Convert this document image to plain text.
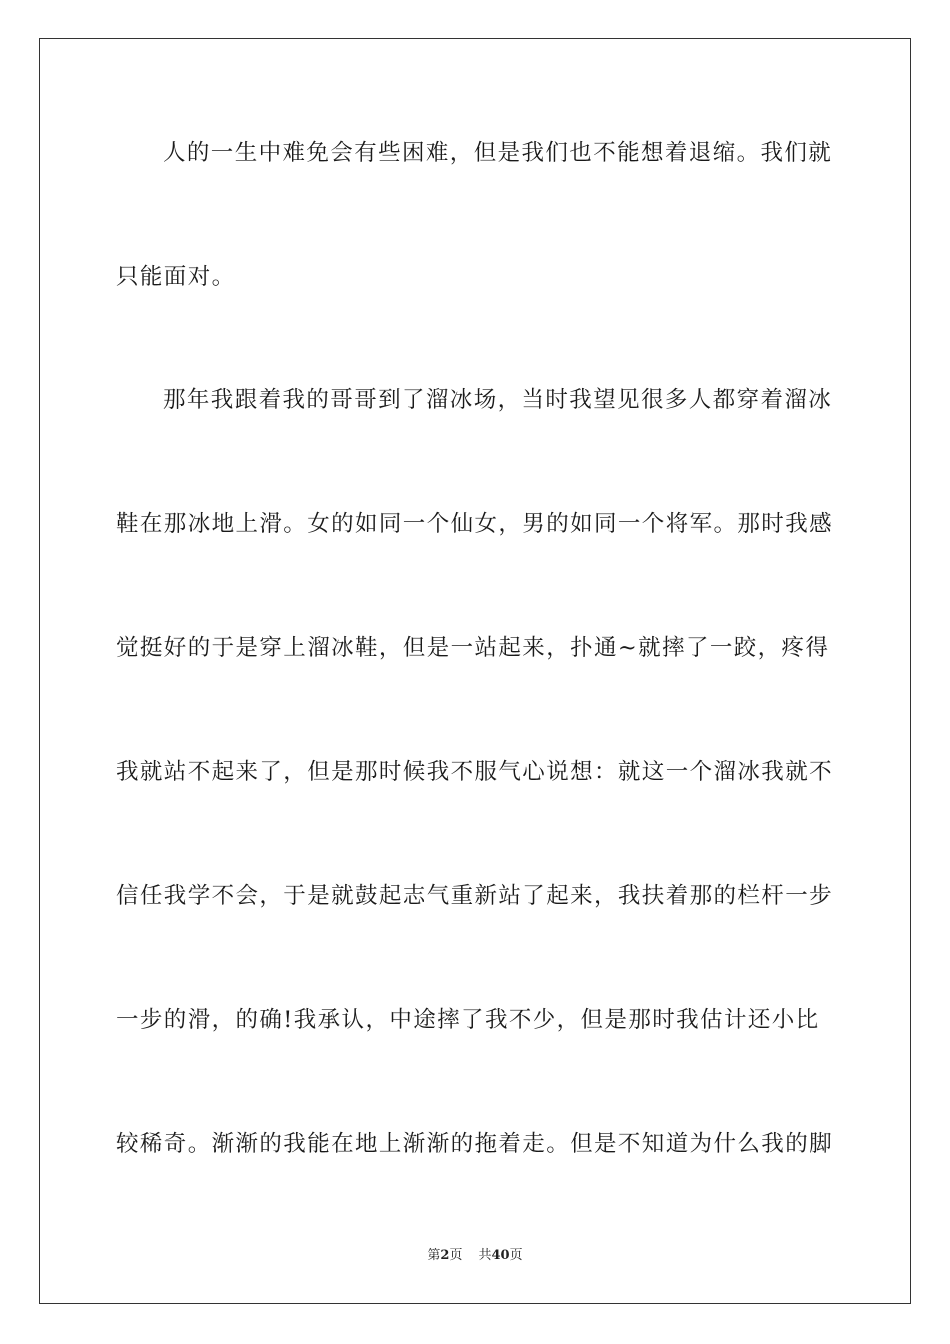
人的一生中难免会有些困难，但是我们也不能想着退缩。我们就
只能面对。
那年我跟着我的哥哥到了溜冰场，当时我望见很多人都穿着溜冰
鞋在那冰地上滑。女的如同一个仙女，男的如同一个将军。那时我感
觉挺好的于是穿上溜冰鞋，但是一站起来，扑通~就摔了一跤，疼得
我就站不起来了，但是那时候我不服气心说想：就这一个溜冰我就不
信任我学不会，于是就鼓起志气重新站了起来，我扶着那的栏杆一步
一步的滑，的确!我承认，中途摔了我不少，但是那时我估计还小比
较稀奇。渐渐的我能在地上渐渐的拖着走。但是不知道为什么我的脚
第2页 共40页
